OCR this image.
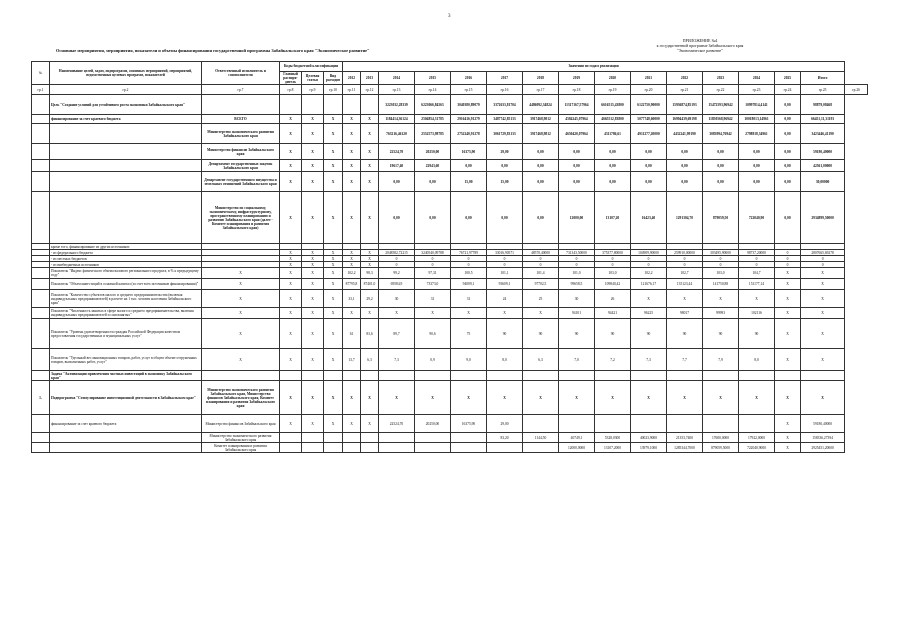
3
ПРИЛОЖЕНИЕ №4
к государственной программе Забайкальского края
"Экономическое развитие"
Основные мероприятия, мероприятия, показатели и объемы финансирования государственной программы Забайкальского края "Экономическое развитие"
№	Наименование целей, задач, подпрограмм, основных мероприятий, мероприятий, ведомственных целевых программ, показателей	Ответственный исполнитель и соисполнители	Коды бюджетной классификации			Значения по годам реализации															
			Главный распоря-дитель	Целевая статья	Вид расходов	2012	2013	2014	2015	2016	2017	2018	2019	2020	2021	2022	2023	2024	2025	Итого	
гр.1	гр.2	гр.7	гр.8	гр.9	гр.10	гр.11	гр.12	гр.13	гр.14	гр.15	гр.16	гр.17	гр.18	гр.19	гр.20	гр.21	гр.22	гр.23	гр.24	гр.25	гр.26
	Цель "Создание условий для устойчивого роста экономики Забайкальского края"							3223032,28339	6223066,84563	3040380,89079	3372633,81704	4486092,34824	11317167,57964	6616515,43800	6122750,90000	15936874,85193	15472593,96942	10997814,4141	0,00	98879,08468	
	финансирование за счет краевого бюджета	ВСЕГО	X	X	X	X	X	1184414,36124	2504854,31785	2916416,91279	3487742,85133	3917468,9812	4584245,07964	4665512,83800	5077748,60000	16994439,69198	11850568,96942	10018013,14961	0,00	66451,11,31193	
		Министерство экономического развития Забайкальского края	X	X	X	X	X	763216,46120	2552573,98785	2752240,91278	3061729,83133	3917468,9812	4650420,07964	4311786,61	4911277,20000	4432241,99190	3083994,76942	2798818,34961	0,00	3423446,41190	
		Министерство финансов Забайкальского края	X	X	X	X	X	22524,70	20250,00	16375,90	29,00	0,00	0,00	0,00	0,00	0,00	0,00	0,00	0,00	59180,40000	
		Департамент государственных закупок Забайкальского края	X	X	X	X	X	19617,40	22943,60	0,00	0,00	0,00	0,00	0,00	0,00	0,00	0,00	0,00	0,00	42561,00000	
		Департамент государственного имущества и земельных отношений Забайкальского края	X	X	X	X	X	0,00	0,00	15,00	15,00	0,00	0,00	0,00	0,00	0,00	0,00	0,00	0,00	30,00000	
		Министерство по социальному, экономическому, инфраструктурному, пространственному планированию и развитию Забайкальского края (далее - Комитет планирования и развития Забайкальского края)	X	X	X	X	X	0,00	0,00	0,00	0,00	0,00	12000,00	13107,20	16423,40	1291304,70	879059,50	722040,90	0,00	2934899,50000	
	кроме того, финансирование из других источников:																				
	- из федерального бюджета		X	X	X	X	X	2048582,72215	3240540,09788	76721,97789	33016,90571	48570,40000	731343,50000	375377,80000	104909,90000	259910,00000	303495,90000	98737,20000	0	2807665,69278	
	- из местных бюджетов		X	X	X	X	X	0	0	0	0	0	0	0	0	0	0	0	0	0	
	- из внебюджетных источников		X	X	X	X	X	0	0	0	0	0	0	0	0	0	0	0	0	0	
	Показатель "Индекс физического объема валового регионального продукта, в % к предыдущему году"	X	X	X	X	102,2	98,3	99,2	97,31	100,5	101,1	101,4	101,0	103,0	102,2	102,7	103,0	104,7	X	X	
	Показатель "Объем инвестиций в основной капитал (за счет всех источников финансирования)"	X	X	X	X	87795,8	87401,0	69584,9	73373,0	94009,1	93609,1	97702,5	99658,5	109840,42	121676,17	135123,44	141750,88	151177,14	X	X	
	Показатель "Количество субъектов малого и среднего предпринимательства (включая индивидуальных предпринимателей) в расчете на 1 тыс. человек населения Забайкальского края"	X	X	X	X	33,1	29,2	30	31	31	24	25	30	26	X	X	X	X	X	X	
	Показатель "Численность занятых в сфере малого и среднего предпринимательства, включая индивидуальных предпринимателей и самозанятых"	X	X	X	X	X	X	X	X	X	X	X	94101	94421	96225	98017	99993	102116	X	X	
	Показатель "Уровень удовлетворенности граждан Российской Федерации качеством предоставления государственных и муниципальных услуг"	X	X	X	X	61	83,6	89,7	90,6	75	90	90	90	90	90	90	90	90	X	X	
	Показатель "Удельный вес инновационных товаров, работ, услуг в общем объеме отгруженных товаров, выполненных работ, услуг"	X	X	X	X	13,7	6,3	7,3	0,9	9,0	8,0	6,3	7,0	7,2	7,3	7,7	7,9	8,0	X	X	
	Задача "Активизация привлечения частных инвестиций в экономику Забайкальского края"																				
1.	Подпрограмма "Стимулирование инвестиционной деятельности в Забайкальском крае"	Министерство экономического развития Забайкальского края, Министерство финансов Забайкальского края, Комитет планирования и развития Забайкальского края	X	X	X	X	X	X	X	X	X	X	X	X	X	X	X	X	X	X	
	финансирование за счет краевого бюджета	Министерство финансов Забайкальского края	X	X	X	X	X	22524,70	20250,00	16375,90	29,00								X	59180,40000	
		Министерство экономического развития Забайкальского края									83,20	1144,50	40749,1	5328,0300	40023,9000	21353,7400	17600,0000	17922,0000	X	158336,27394	
		Комитет планирования и развития Забайкальского края											12000,0000	13107,2000	13979,1000	1285344,7000	879059,5000	722040,9000	X	2925451,20000	
